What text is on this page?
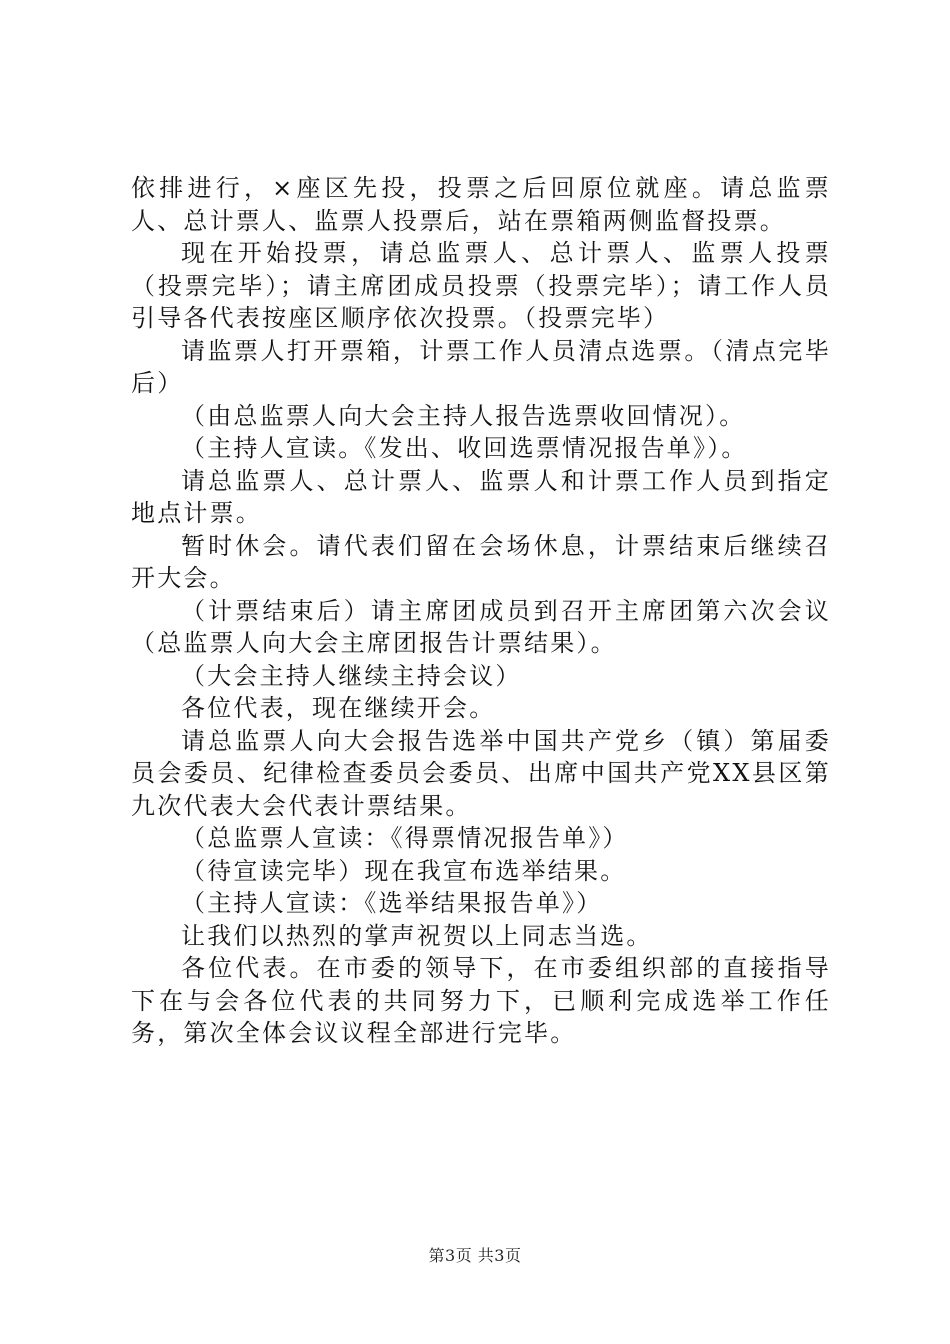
依排进行，×座区先投，投票之后回原位就座。请总监票人、总计票人、监票人投票后，站在票箱两侧监督投票。

现在开始投票，请总监票人、总计票人、监票人投票（投票完毕）；请主席团成员投票（投票完毕）；请工作人员引导各代表按座区顺序依次投票。（投票完毕）

请监票人打开票箱，计票工作人员清点选票。（清点完毕后）

（由总监票人向大会主持人报告选票收回情况）。

（主持人宣读。《发出、收回选票情况报告单》）。

请总监票人、总计票人、监票人和计票工作人员到指定地点计票。

暂时休会。请代表们留在会场休息，计票结束后继续召开大会。

（计票结束后）请主席团成员到召开主席团第六次会议（总监票人向大会主席团报告计票结果）。

（大会主持人继续主持会议）

各位代表，现在继续开会。

请总监票人向大会报告选举中国共产党乡（镇）第届委员会委员、纪律检查委员会委员、出席中国共产党XX县区第九次代表大会代表计票结果。

（总监票人宣读：《得票情况报告单》）

（待宣读完毕）现在我宣布选举结果。

（主持人宣读：《选举结果报告单》）

让我们以热烈的掌声祝贺以上同志当选。

各位代表。在市委的领导下，在市委组织部的直接指导下在与会各位代表的共同努力下，已顺利完成选举工作任务，第次全体会议议程全部进行完毕。

第3页 共3页
